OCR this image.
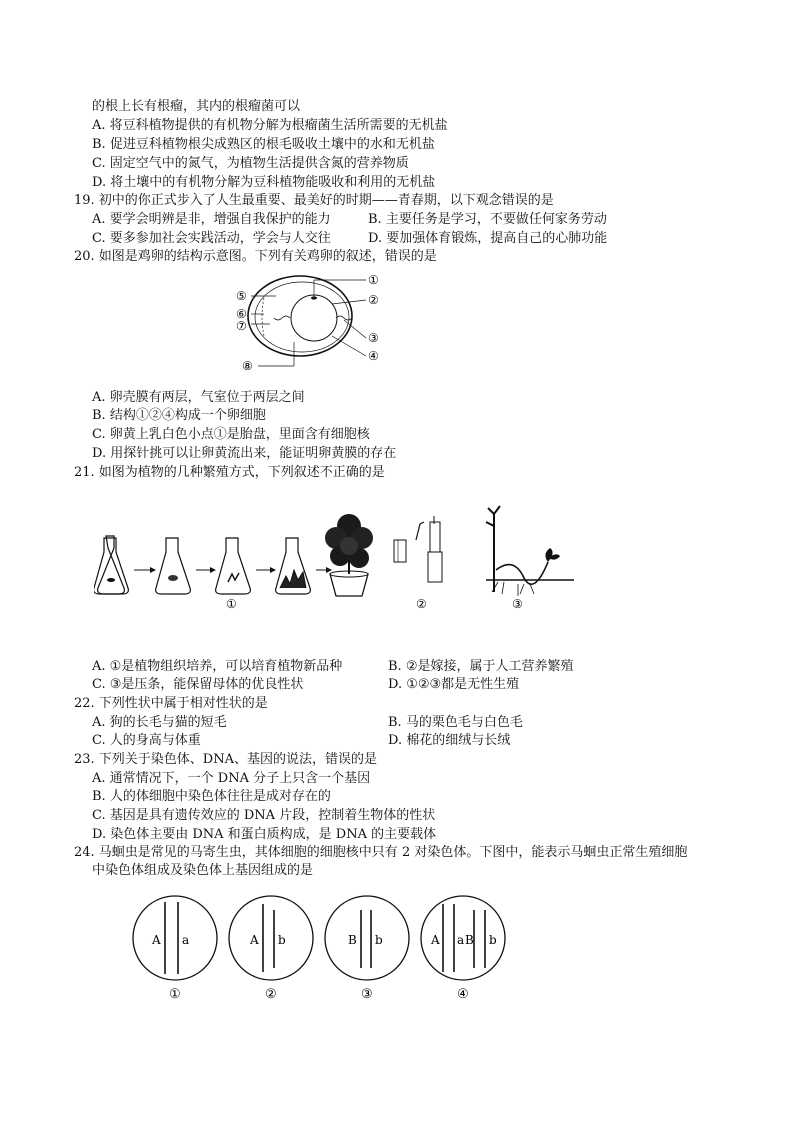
的根上长有根瘤，其内的根瘤菌可以
A. 将豆科植物提供的有机物分解为根瘤菌生活所需要的无机盐
B. 促进豆科植物根尖成熟区的根毛吸收土壤中的水和无机盐
C. 固定空气中的氮气，为植物生活提供含氮的营养物质
D. 将土壤中的有机物分解为豆科植物能吸收和利用的无机盐
19. 初中的你正式步入了人生最重要、最美好的时期——青春期，以下观念错误的是
A. 要学会明辨是非，增强自我保护的能力	B. 主要任务是学习，不要做任何家务劳动
C. 要多参加社会实践活动，学会与人交往	D. 要加强体育锻炼，提高自己的心肺功能
20. 如图是鸡卵的结构示意图。下列有关鸡卵的叙述，错误的是
①
②
③
④
⑤
⑥
⑦
⑧
A. 卵壳膜有两层，气室位于两层之间
B. 结构①②④构成一个卵细胞
C. 卵黄上乳白色小点①是胎盘，里面含有细胞核
D. 用探针挑可以让卵黄流出来，能证明卵黄膜的存在
21. 如图为植物的几种繁殖方式，下列叙述不正确的是
①	②	③
A. ①是植物组织培养，可以培育植物新品种	B. ②是嫁接，属于人工营养繁殖
C. ③是压条，能保留母体的优良性状	D. ①②③都是无性生殖
22. 下列性状中属于相对性状的是
A. 狗的长毛与猫的短毛	B. 马的栗色毛与白色毛
C. 人的身高与体重	D. 棉花的细绒与长绒
23. 下列关于染色体、DNA、基因的说法，错误的是
A. 通常情况下，一个 DNA 分子上只含一个基因
B. 人的体细胞中染色体往往是成对存在的
C. 基因是具有遗传效应的 DNA 片段，控制着生物体的性状
D. 染色体主要由 DNA 和蛋白质构成，是 DNA 的主要载体
24. 马蛔虫是常见的马寄生虫，其体细胞的细胞核中只有 2 对染色体。下图中，能表示马蛔虫正常生殖细胞
中染色体组成及染色体上基因组成的是
A a
①
A b
②
B b
③
A a B b
④
